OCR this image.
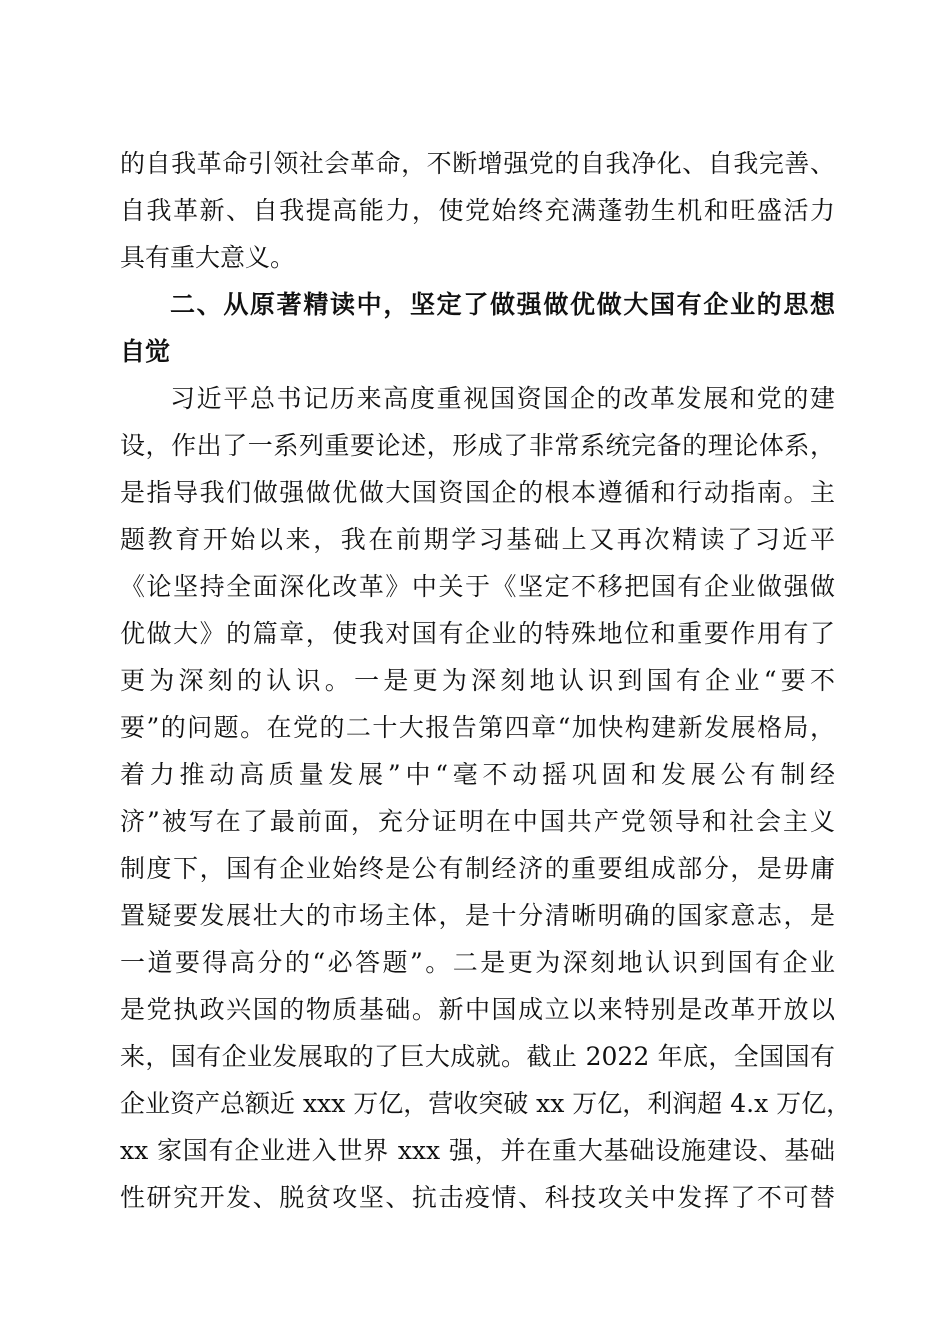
的自我革命引领社会革命，不断增强党的自我净化、自我完善、
自我革新、自我提高能力，使党始终充满蓬勃生机和旺盛活力
具有重大意义。
二、从原著精读中，坚定了做强做优做大国有企业的思想
自觉
习近平总书记历来高度重视国资国企的改革发展和党的建
设，作出了一系列重要论述，形成了非常系统完备的理论体系，
是指导我们做强做优做大国资国企的根本遵循和行动指南。主
题教育开始以来，我在前期学习基础上又再次精读了习近平
《论坚持全面深化改革》中关于《坚定不移把国有企业做强做
优做大》的篇章，使我对国有企业的特殊地位和重要作用有了
更为深刻的认识。一是更为深刻地认识到国有企业“要不
要”的问题。在党的二十大报告第四章“加快构建新发展格局，
着力推动高质量发展”中“毫不动摇巩固和发展公有制经
济”被写在了最前面，充分证明在中国共产党领导和社会主义
制度下，国有企业始终是公有制经济的重要组成部分，是毋庸
置疑要发展壮大的市场主体，是十分清晰明确的国家意志，是
一道要得高分的“必答题”。二是更为深刻地认识到国有企业
是党执政兴国的物质基础。新中国成立以来特别是改革开放以
来，国有企业发展取的了巨大成就。截止 2022 年底，全国国有
企业资产总额近 xxx 万亿，营收突破 xx 万亿，利润超 4.x 万亿，
xx 家国有企业进入世界 xxx 强，并在重大基础设施建设、基础
性研究开发、脱贫攻坚、抗击疫情、科技攻关中发挥了不可替
